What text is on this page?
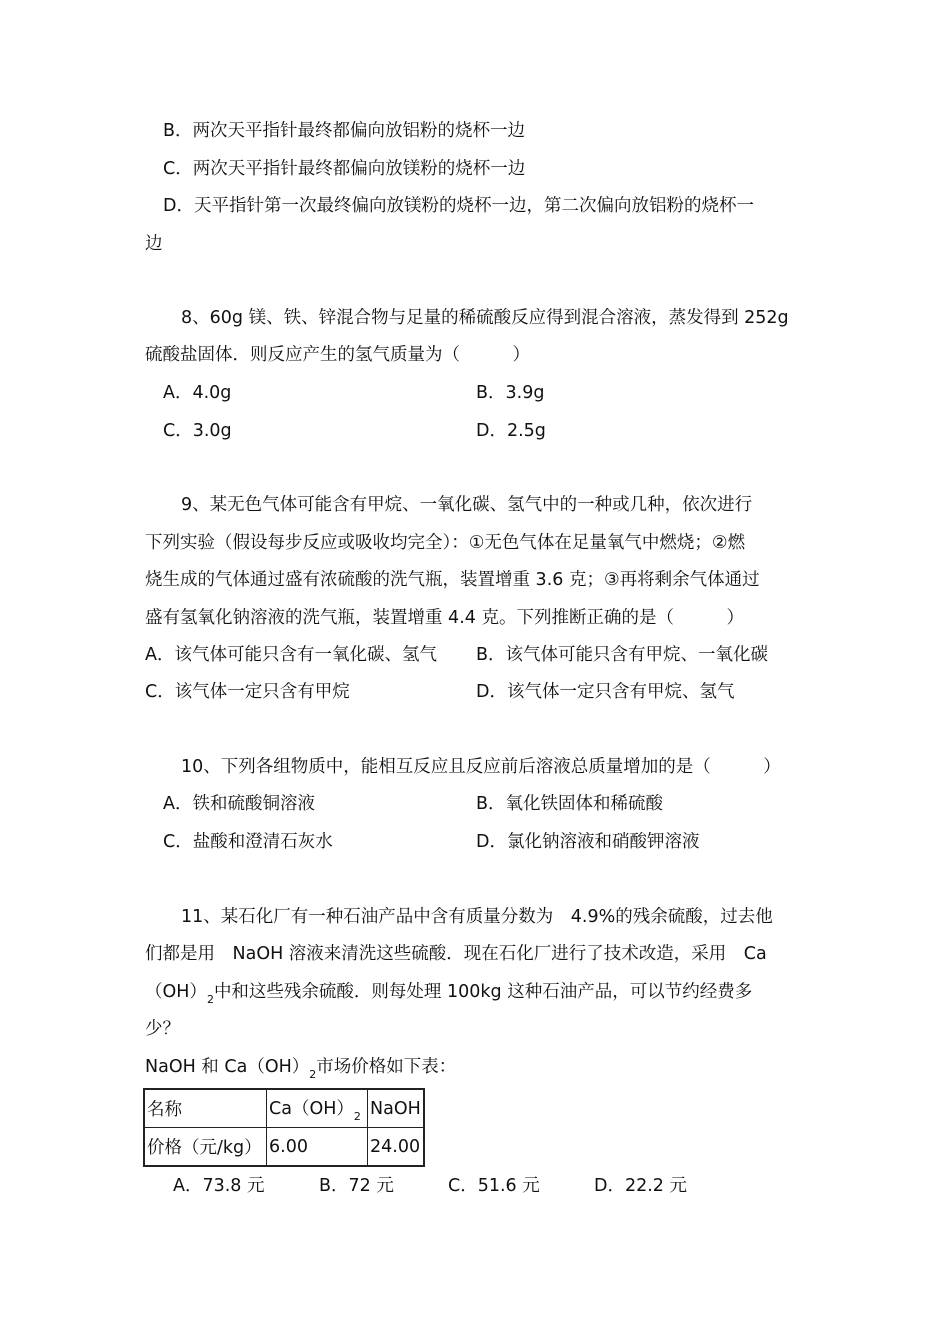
B．两次天平指针最终都偏向放铝粉的烧杯一边
C．两次天平指针最终都偏向放镁粉的烧杯一边
D．天平指针第一次最终偏向放镁粉的烧杯一边，第二次偏向放铝粉的烧杯一
边
8、60g 镁、铁、锌混合物与足量的稀硫酸反应得到混合溶液，蒸发得到 252g
硫酸盐固体．则反应产生的氢气质量为（　　　）
A．4.0g	B．3.9g
C．3.0g	D．2.5g
9、某无色气体可能含有甲烷、一氧化碳、氢气中的一种或几种，依次进行
下列实验（假设每步反应或吸收均完全）：①无色气体在足量氧气中燃烧；②燃
烧生成的气体通过盛有浓硫酸的洗气瓶，装置增重 3.6 克；③再将剩余气体通过
盛有氢氧化钠溶液的洗气瓶，装置增重 4.4 克。下列推断正确的是（　　　）
A．该气体可能只含有一氧化碳、氢气 B．该气体可能只含有甲烷、一氧化碳
C．该气体一定只含有甲烷	D．该气体一定只含有甲烷、氢气
10、下列各组物质中，能相互反应且反应前后溶液总质量增加的是（　　　）
A．铁和硫酸铜溶液	B．氧化铁固体和稀硫酸
C．盐酸和澄清石灰水	D．氯化钠溶液和硝酸钾溶液
11、某石化厂有一种石油产品中含有质量分数为　4.9%的残余硫酸，过去他
们都是用　NaOH 溶液来清洗这些硫酸．现在石化厂进行了技术改造，采用　Ca
$(OH)_2$中和这些残余硫酸．则每处理 100kg 这种石油产品，可以节约经费多
少？
NaOH 和 $Ca(OH)_2$市场价格如下表：
名称	$Ca(OH)_2$	NaOH
价格（元/kg）	6.00	24.00
A．73.8 元	B．72 元	C．51.6 元	D．22.2 元
